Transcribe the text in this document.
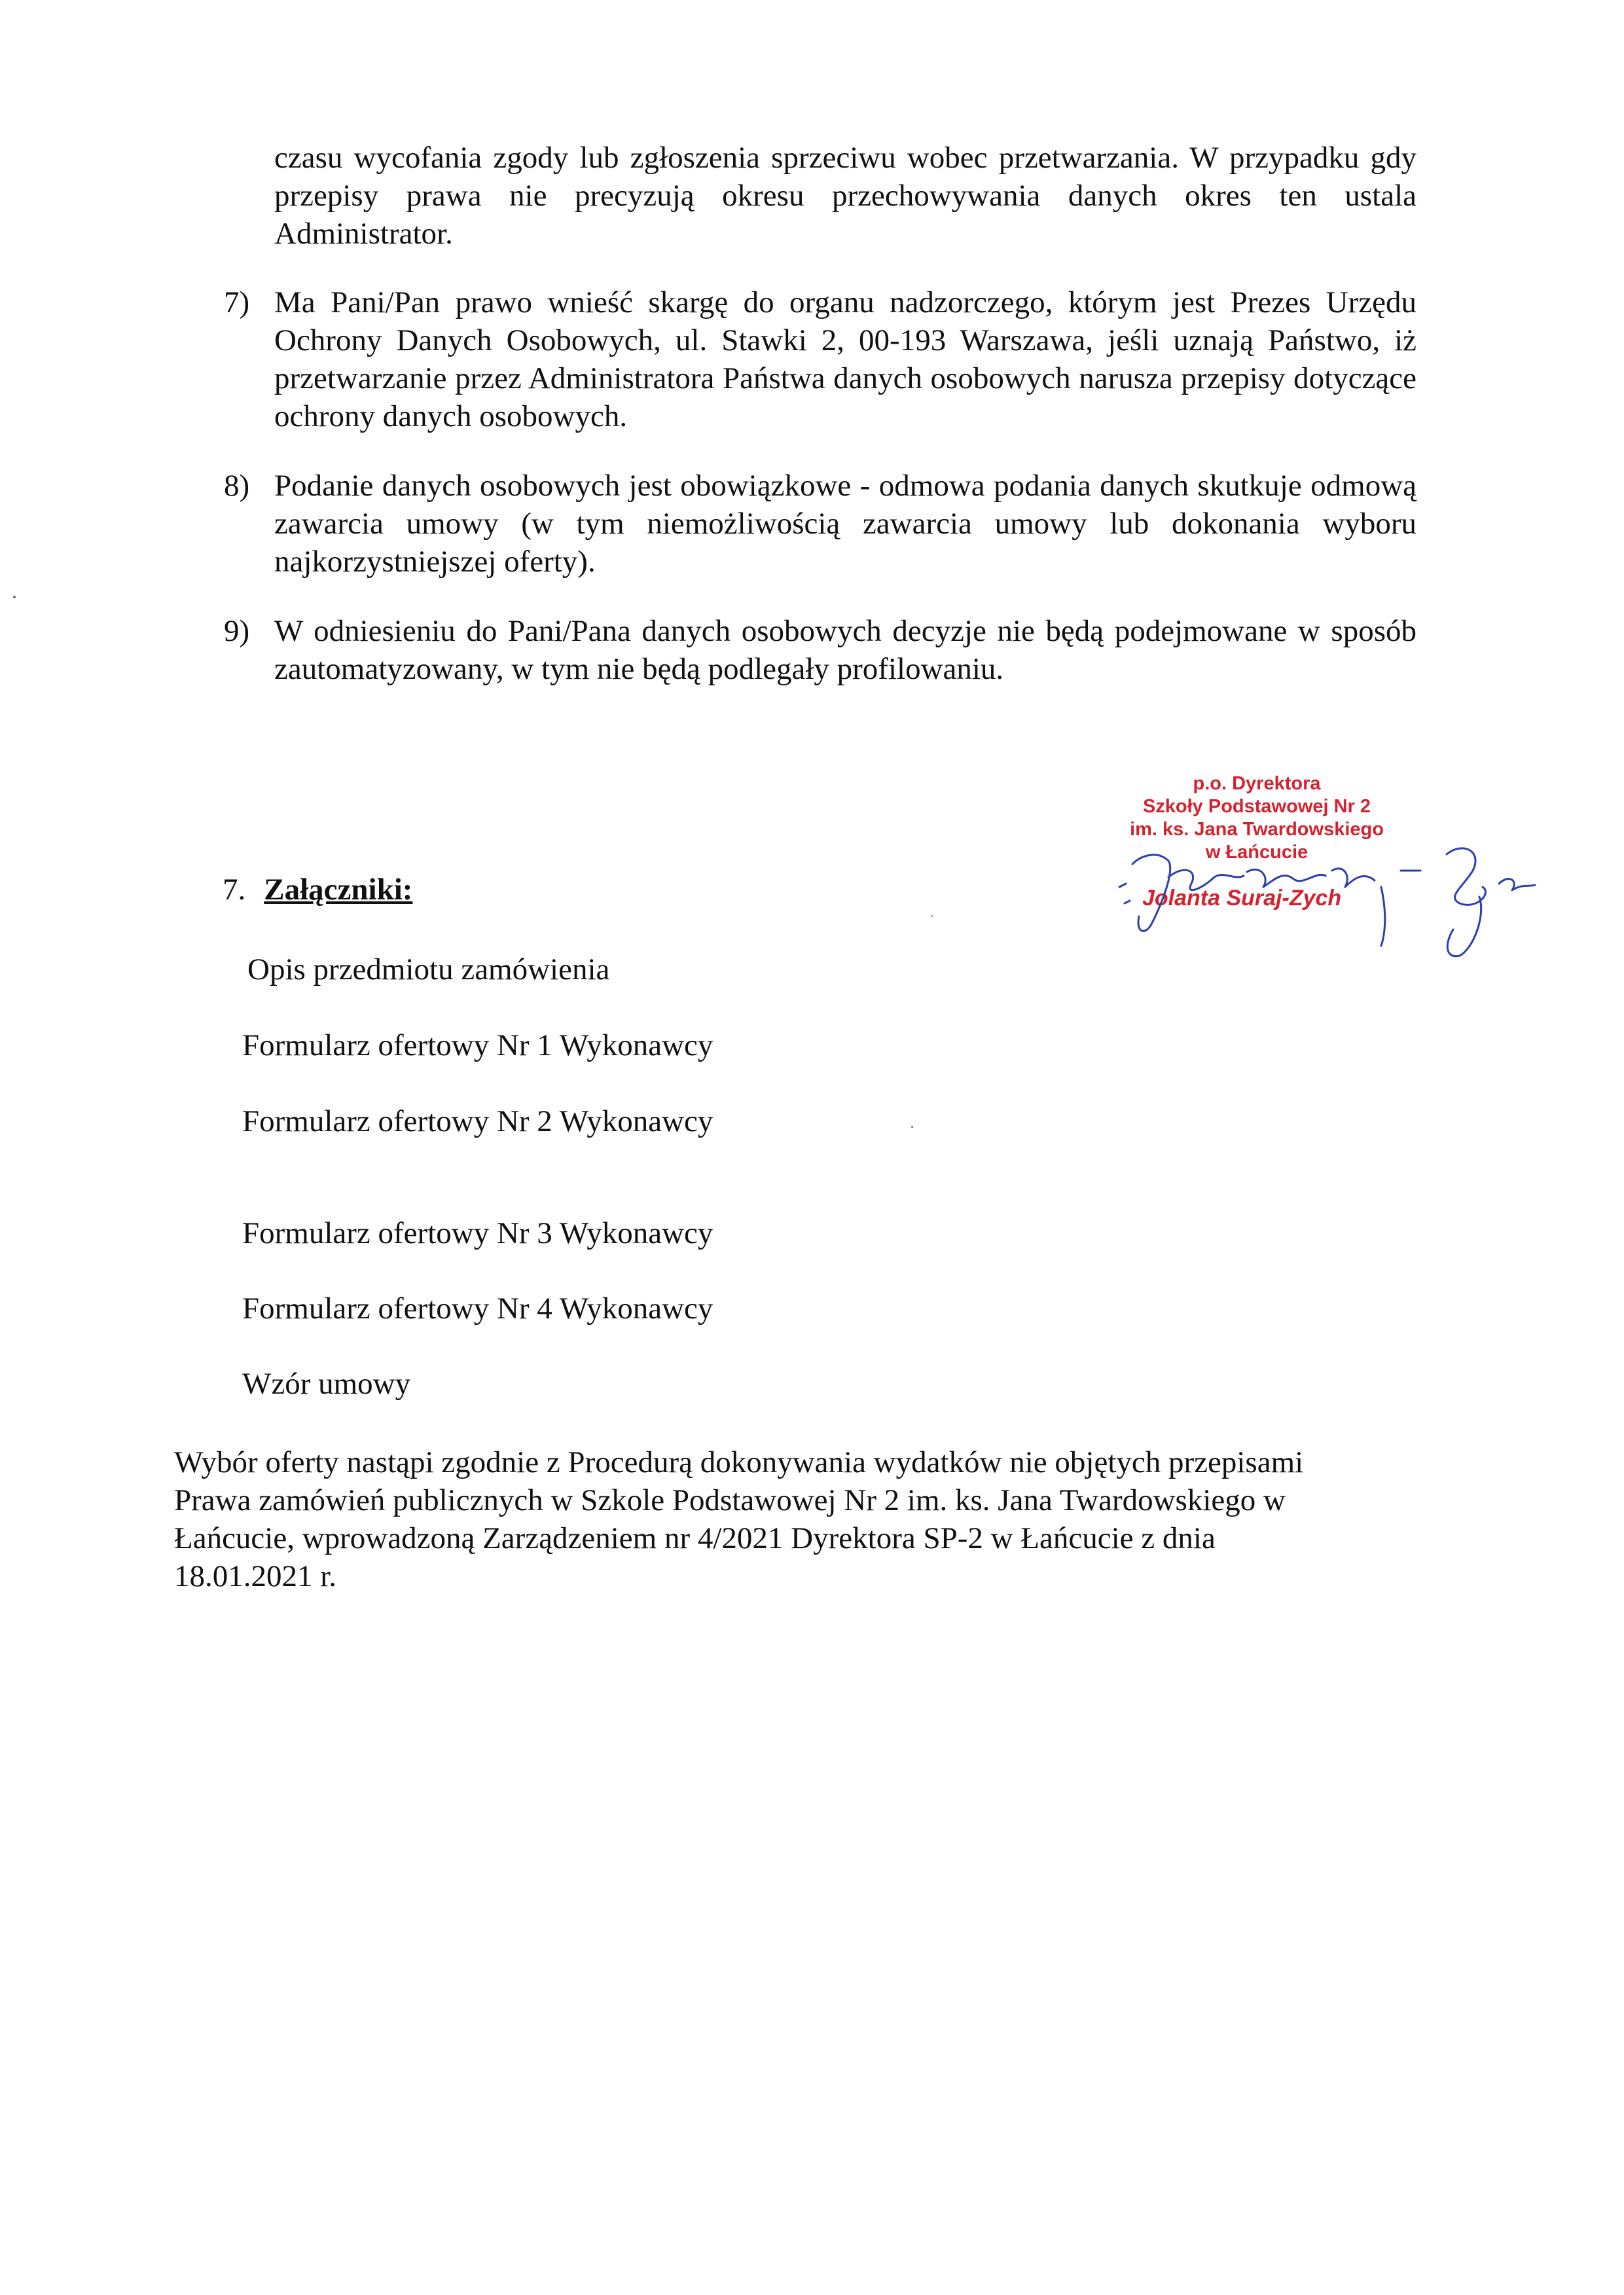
czasu wycofania zgody lub zgłoszenia sprzeciwu wobec przetwarzania. W przypadku gdy przepisy prawa nie precyzują okresu przechowywania danych okres ten ustala Administrator.

7) Ma Pani/Pan prawo wnieść skargę do organu nadzorczego, którym jest Prezes Urzędu Ochrony Danych Osobowych, ul. Stawki 2, 00-193 Warszawa, jeśli uznają Państwo, iż przetwarzanie przez Administratora Państwa danych osobowych narusza przepisy dotyczące ochrony danych osobowych.

8) Podanie danych osobowych jest obowiązkowe - odmowa podania danych skutkuje odmową zawarcia umowy (w tym niemożliwością zawarcia umowy lub dokonania wyboru najkorzystniejszej oferty).

9) W odniesieniu do Pani/Pana danych osobowych decyzje nie będą podejmowane w sposób zautomatyzowany, w tym nie będą podlegały profilowaniu.

p.o. Dyrektora
Szkoły Podstawowej Nr 2
im. ks. Jana Twardowskiego
w Łańcucie
Jolanta Suraj-Zych
7. Załączniki:
Opis przedmiotu zamówienia
Formularz ofertowy Nr 1 Wykonawcy
Formularz ofertowy Nr 2 Wykonawcy
Formularz ofertowy Nr 3 Wykonawcy
Formularz ofertowy Nr 4 Wykonawcy
Wzór umowy
Wybór oferty nastąpi zgodnie z Procedurą dokonywania wydatków nie objętych przepisami
Prawa zamówień publicznych w Szkole Podstawowej Nr 2 im. ks. Jana Twardowskiego w
Łańcucie, wprowadzoną Zarządzeniem nr 4/2021 Dyrektora SP-2 w Łańcucie z dnia
18.01.2021 r.
